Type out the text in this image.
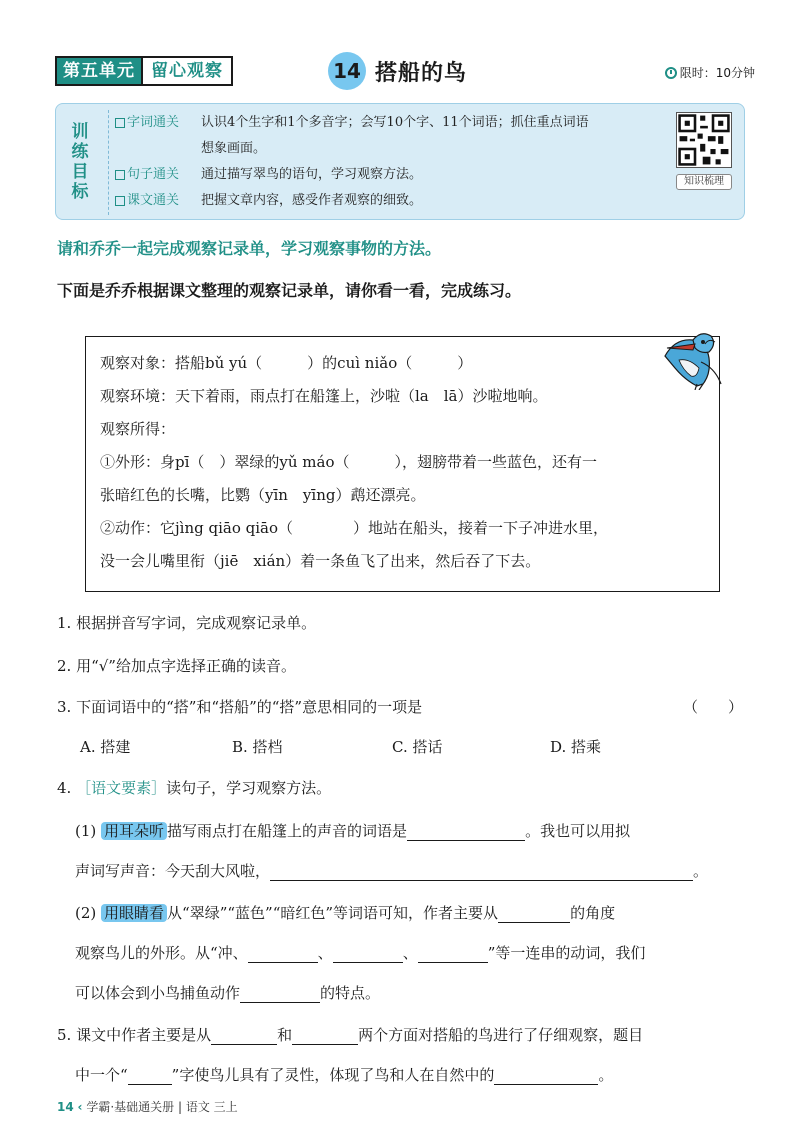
第五单元 留心观察	14 搭船的鸟	限时：10分钟
训练目标	字词通关	认识4个生字和1个多音字；会写10个字、11个词语；抓住重点词语
想象画面。
句子通关	通过描写翠鸟的语句，学习观察方法。
课文通关	把握文章内容，感受作者观察的细致。
知识梳理
请和乔乔一起完成观察记录单，学习观察事物的方法。
下面是乔乔根据课文整理的观察记录单，请你看一看，完成练习。
观察对象：搭船bǔ yú（　　　）的cuì niǎo（　　　）
观察环境：天下着雨，雨点打在船篷上，沙啦（la　lā）沙啦地响。
观察所得：
①外形：身pī（　）翠绿的yǔ máo（　　　），翅膀带着一些蓝色，还有一
张暗红色的长嘴，比鹦（yīn　yīng）鹉还漂亮。
②动作：它jìng qiāo qiāo（　　　　）地站在船头，接着一下子冲进水里，
没一会儿嘴里衔（jiē　xián）着一条鱼飞了出来，然后吞了下去。
1. 根据拼音写字词，完成观察记录单。
2. 用“√”给加点字选择正确的读音。
3. 下面词语中的“搭”和“搭船”的“搭”意思相同的一项是	（　　）
A. 搭建	B. 搭档	C. 搭话	D. 搭乘
4. ［语文要素］读句子，学习观察方法。
(1) 用耳朵听 描写雨点打在船篷上的声音的词语是	。我也可以用拟
声词写声音：今天刮大风啦，	。
(2) 用眼睛看 从“翠绿”“蓝色”“暗红色”等词语可知，作者主要从	的角度
观察鸟儿的外形。从“冲、	、	、	”等一连串的动词，我们
可以体会到小鸟捕鱼动作	的特点。
5. 课文中作者主要是从	和	两个方面对搭船的鸟进行了仔细观察，题目
中一个“	”字使鸟儿具有了灵性，体现了鸟和人在自然中的	。
14 ‹ 学霸·基础通关册 | 语文 三上
